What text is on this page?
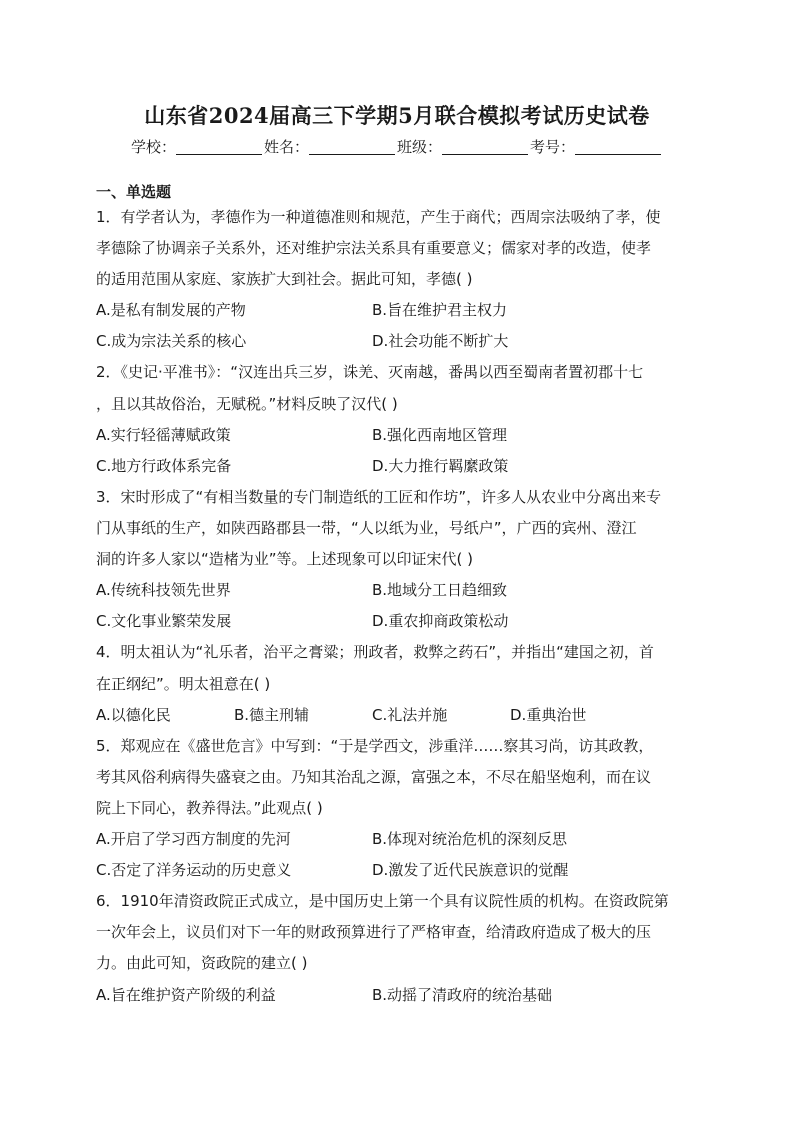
山东省2024届高三下学期5月联合模拟考试历史试卷
学校：	姓名：	班级：	考号：
一、单选题
1．有学者认为，孝德作为一种道德准则和规范，产生于商代；西周宗法吸纳了孝，使
孝德除了协调亲子关系外，还对维护宗法关系具有重要意义；儒家对孝的改造，使孝
的适用范围从家庭、家族扩大到社会。据此可知，孝德( )
A.是私有制发展的产物	B.旨在维护君主权力
C.成为宗法关系的核心	D.社会功能不断扩大
2．《史记·平准书》：“汉连出兵三岁，诛羌、灭南越，番禺以西至蜀南者置初郡十七
，且以其故俗治，无赋税。”材料反映了汉代( )
A.实行轻徭薄赋政策	B.强化西南地区管理
C.地方行政体系完备	D.大力推行羁縻政策
3．宋时形成了“有相当数量的专门制造纸的工匠和作坊”，许多人从农业中分离出来专
门从事纸的生产，如陕西路郡县一带，“人以纸为业，号纸户”，广西的宾州、澄江
洞的许多人家以“造楮为业”等。上述现象可以印证宋代( )
A.传统科技领先世界	B.地域分工日趋细致
C.文化事业繁荣发展	D.重农抑商政策松动
4．明太祖认为“礼乐者，治平之膏粱；刑政者，救弊之药石”，并指出“建国之初，首
在正纲纪”。明太祖意在( )
A.以德化民	B.德主刑辅	C.礼法并施	D.重典治世
5．郑观应在《盛世危言》中写到：“于是学西文，涉重洋……察其习尚，访其政教，
考其风俗利病得失盛衰之由。乃知其治乱之源，富强之本，不尽在船坚炮利，而在议
院上下同心，教养得法。”此观点( )
A.开启了学习西方制度的先河	B.体现对统治危机的深刻反思
C.否定了洋务运动的历史意义	D.激发了近代民族意识的觉醒
6．1910年清资政院正式成立，是中国历史上第一个具有议院性质的机构。在资政院第
一次年会上，议员们对下一年的财政预算进行了严格审查，给清政府造成了极大的压
力。由此可知，资政院的建立( )
A.旨在维护资产阶级的利益	B.动摇了清政府的统治基础
